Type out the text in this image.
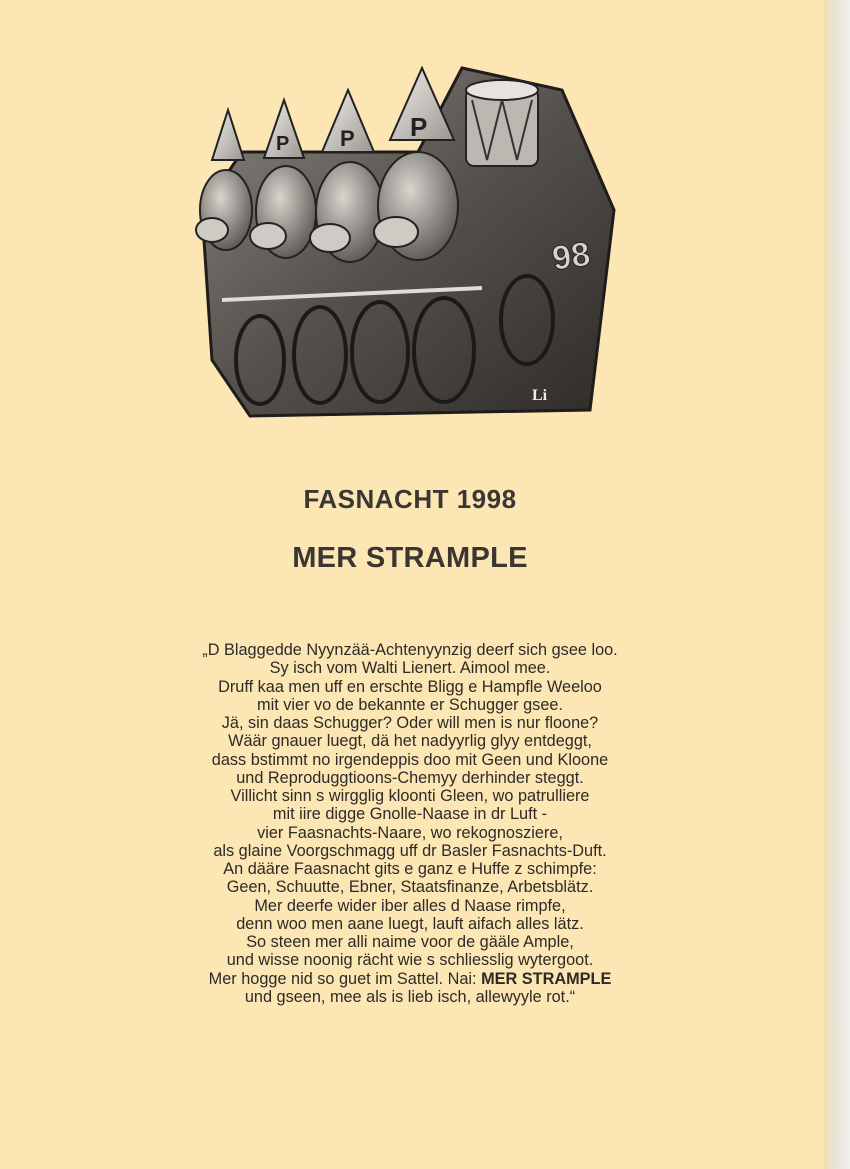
98
P P P
Li
FASNACHT 1998
MER STRAMPLE
„D Blaggedde Nyynzää-Achtenyynzig deerf sich gsee loo.
Sy isch vom Walti Lienert. Aimool mee.
Druff kaa men uff en erschte Bligg e Hampfle Weeloo
mit vier vo de bekannte er Schugger gsee.
Jä, sin daas Schugger? Oder will men is nur floone?
Wäär gnauer luegt, dä het nadyyrlig glyy entdeggt,
dass bstimmt no irgendeppis doo mit Geen und Kloone
und Reproduggtioons-Chemyy derhinder steggt.
Villicht sinn s wirgglig kloonti Gleen, wo patrulliere
mit iire digge Gnolle-Naase in dr Luft -
vier Faasnachts-Naare, wo rekognosziere,
als glaine Voorgschmagg uff dr Basler Fasnachts-Duft.
An dääre Faasnacht gits e ganz e Huffe z schimpfe:
Geen, Schuutte, Ebner, Staatsfinanze, Arbetsblätz.
Mer deerfe wider iber alles d Naase rimpfe,
denn woo men aane luegt, lauft aifach alles lätz.
So steen mer alli naime voor de gääle Ample,
und wisse noonig rächt wie s schliesslig wytergoot.
Mer hogge nid so guet im Sattel. Nai: MER STRAMPLE
und gseen, mee als is lieb isch, allewyyle rot.“
